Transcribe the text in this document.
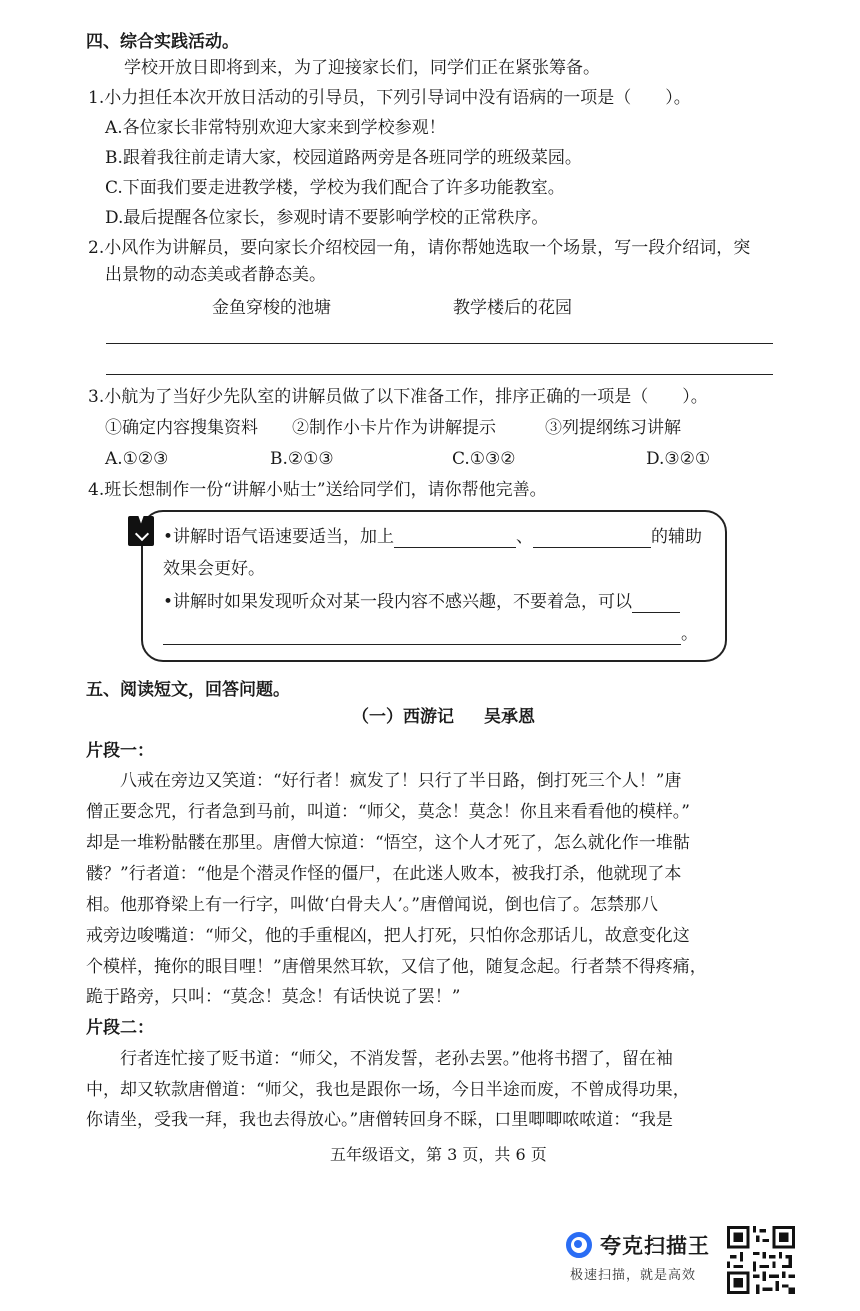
四、综合实践活动。
学校开放日即将到来，为了迎接家长们，同学们正在紧张筹备。
1.小力担任本次开放日活动的引导员，下列引导词中没有语病的一项是（　　）。
A.各位家长非常特别欢迎大家来到学校参观！
B.跟着我往前走请大家，校园道路两旁是各班同学的班级菜园。
C.下面我们要走进教学楼，学校为我们配合了许多功能教室。
D.最后提醒各位家长，参观时请不要影响学校的正常秩序。
2.小风作为讲解员，要向家长介绍校园一角，请你帮她选取一个场景，写一段介绍词，突
出景物的动态美或者静态美。
金鱼穿梭的池塘	教学楼后的花园
3.小航为了当好少先队室的讲解员做了以下准备工作，排序正确的一项是（　　）。
①确定内容搜集资料 ②制作小卡片作为讲解提示	③列提纲练习讲解
A.①②③	B.②①③	C.①③②	D.③②①
4.班长想制作一份“讲解小贴士”送给同学们，请你帮他完善。
•讲解时语气语速要适当，加上	、	的辅助
效果会更好。
•讲解时如果发现听众对某一段内容不感兴趣，不要着急，可以
。
五、阅读短文，回答问题。
（一）西游记 吴承恩
片段一：
八戒在旁边又笑道：“好行者！疯发了！只行了半日路，倒打死三个人！”唐
僧正要念咒，行者急到马前，叫道：“师父，莫念！莫念！你且来看看他的模样。”
却是一堆粉骷髅在那里。唐僧大惊道：“悟空，这个人才死了，怎么就化作一堆骷
髅？”行者道：“他是个潜灵作怪的僵尸，在此迷人败本，被我打杀，他就现了本
相。他那脊梁上有一行字，叫做‘白骨夫人’。”唐僧闻说，倒也信了。怎禁那八
戒旁边唆嘴道：“师父，他的手重棍凶，把人打死，只怕你念那话儿，故意变化这
个模样，掩你的眼目哩！”唐僧果然耳软，又信了他，随复念起。行者禁不得疼痛，
跪于路旁，只叫：“莫念！莫念！有话快说了罢！”
片段二：
行者连忙接了贬书道：“师父，不消发誓，老孙去罢。”他将书摺了，留在袖
中，却又软款唐僧道：“师父，我也是跟你一场，今日半途而废，不曾成得功果，
你请坐，受我一拜，我也去得放心。”唐僧转回身不睬，口里唧唧哝哝道：“我是
五年级语文，第 3 页，共 6 页
夸克扫描王
极速扫描，就是高效
